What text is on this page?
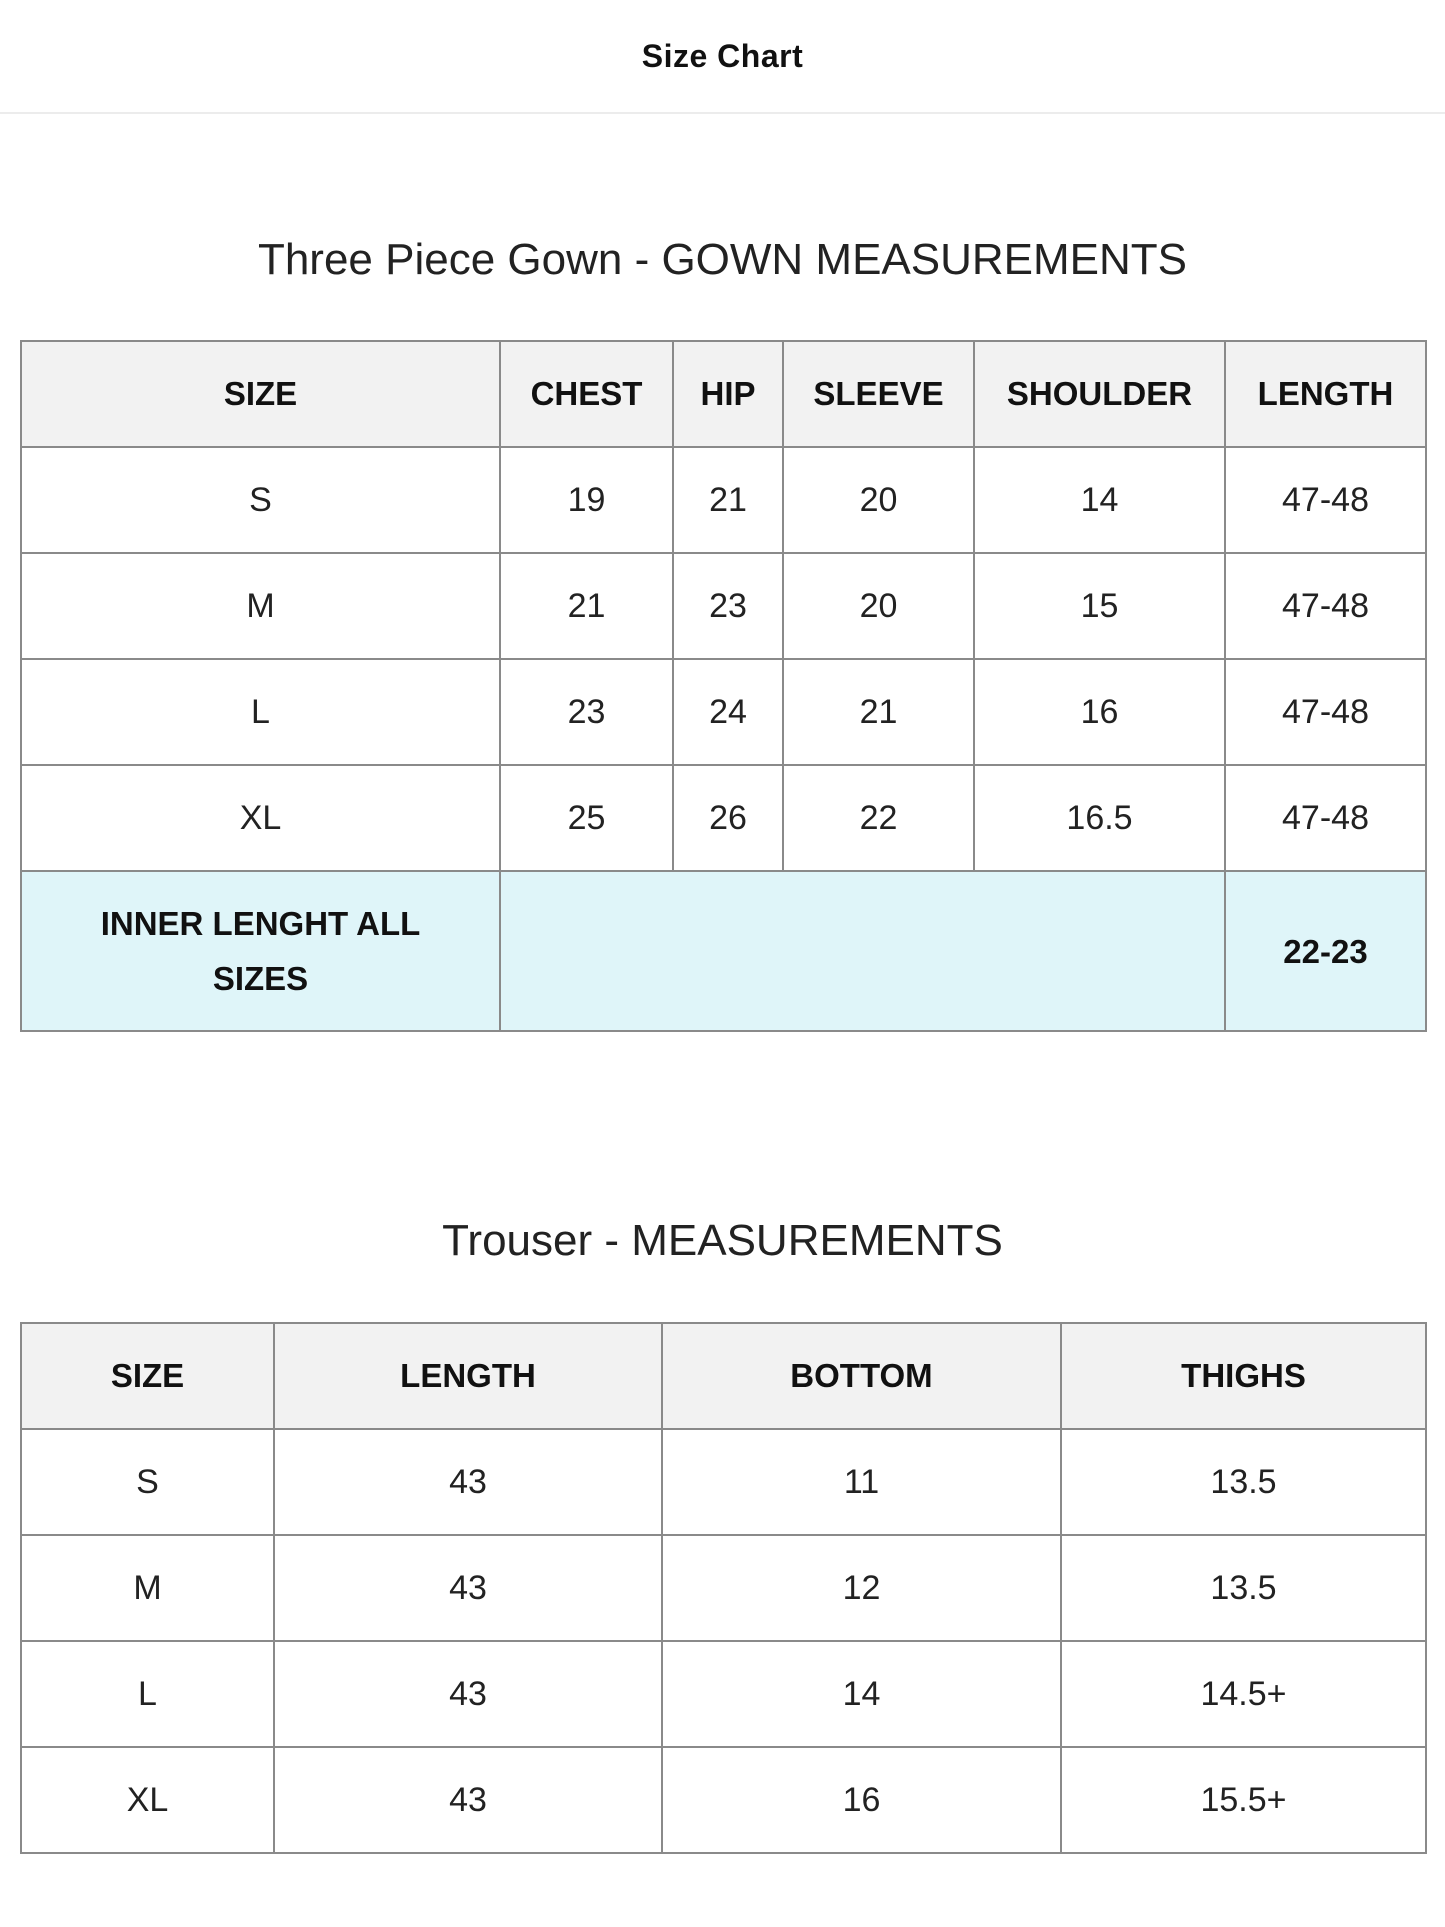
Size Chart
Three Piece Gown - GOWN MEASUREMENTS
SIZE	CHEST	HIP	SLEEVE	SHOULDER	LENGTH
S	19	21	20	14	47-48
M	21	23	20	15	47-48
L	23	24	21	16	47-48
XL	25	26	22	16.5	47-48
INNER LENGHT ALL SIZES					22-23
Trouser - MEASUREMENTS
SIZE	LENGTH	BOTTOM	THIGHS
S	43	11	13.5
M	43	12	13.5
L	43	14	14.5+
XL	43	16	15.5+
